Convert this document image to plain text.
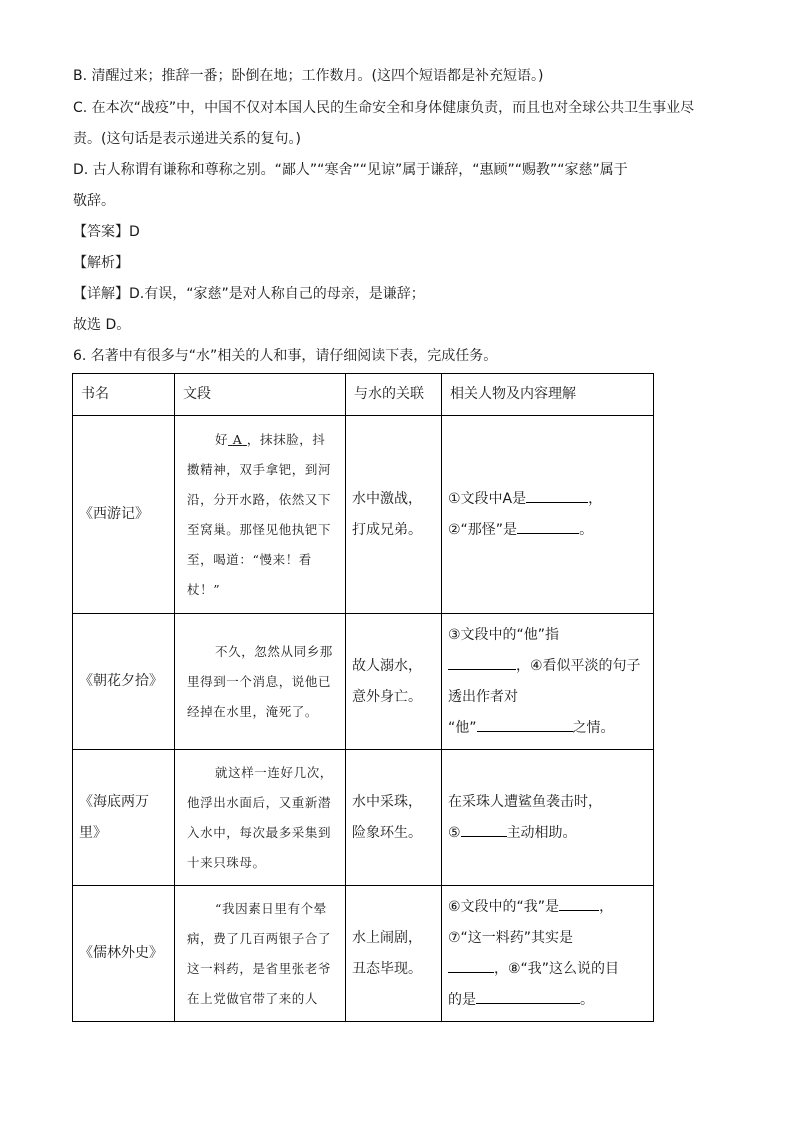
B. 清醒过来；推辞一番；卧倒在地；工作数月。(这四个短语都是补充短语。)

C. 在本次“战疫”中，中国不仅对本国人民的生命安全和身体健康负责，而且也对全球公共卫生事业尽

责。(这句话是表示递进关系的复句。)

D. 古人称谓有谦称和尊称之别。“鄙人”“寒舍”“见谅”属于谦辞，“惠顾”“赐教”“家慈”属于

敬辞。

【答案】D

【解析】

【详解】D.有误，“家慈”是对人称自己的母亲，是谦辞；

故选 D。

6. 名著中有很多与“水”相关的人和事，请仔细阅读下表，完成任务。

书名	文段	与水的关联	相关人物及内容理解
《西游记》	好 A ，抹抹脸，抖擞精神，双手拿钯，到河沿，分开水路，依然又下至窝巢。那怪见他执钯下至，喝道：“慢来！看杖！”	水中激战，
打成兄弟。	①文段中A是 ，
②“那怪”是 。

《朝花夕拾》	不久，忽然从同乡那里得到一个消息，说他已经掉在水里，淹死了。	故人溺水，
意外身亡。	③文段中的“他”指
，④看似平淡的句子
透出作者对
“他” 之情。

《海底两万
里》	就这样一连好几次，他浮出水面后，又重新潜入水中，每次最多采集到十来只珠母。	水中采珠，
险象环生。	在采珠人遭鲨鱼袭击时，
⑤ 主动相助。

《儒林外史》	“我因素日里有个晕病，费了几百两银子合了这一料药，是省里张老爷在上党做官带了来的人	水上闹剧，
丑态毕现。	⑥文段中的“我”是 ，
⑦“这一料药”其实是
，⑧“我”这么说的目
的是 。
